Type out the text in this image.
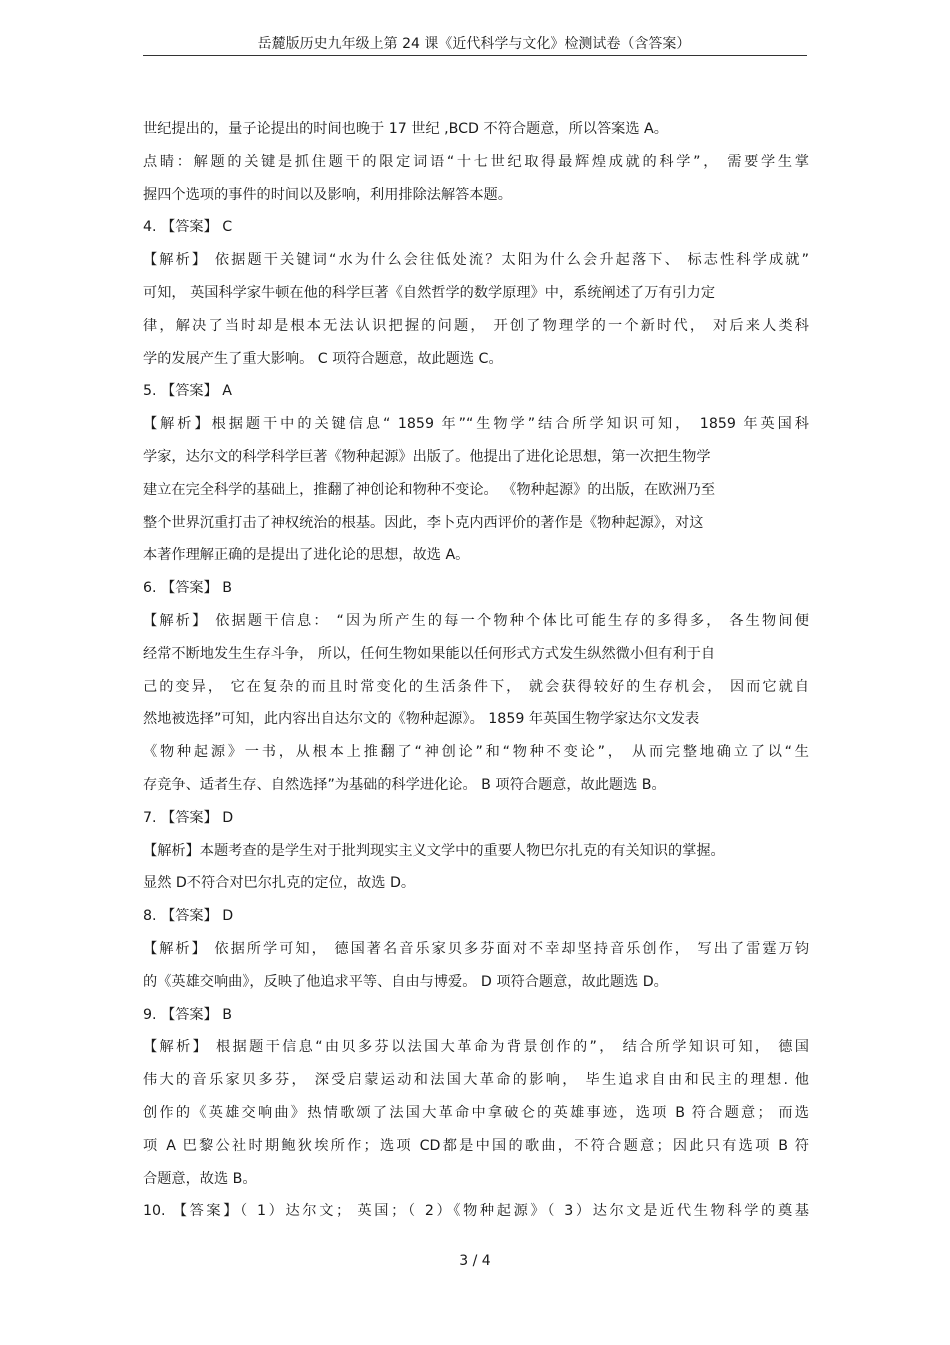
岳麓版历史九年级上第 24 课《近代科学与文化》检测试卷（含答案）
世纪提出的，量子论提出的时间也晚于 17 世纪 ,BCD 不符合题意，所以答案选 A。
点睛：解题的关键是抓住题干的限定词语“十七世纪取得最辉煌成就的科学”， 需要学生掌
握四个选项的事件的时间以及影响，利用排除法解答本题。
4. 【答案】 C
【解析】 依据题干关键词“水为什么会往低处流？太阳为什么会升起落下、 标志性科学成就”
可知， 英国科学家牛顿在他的科学巨著《自然哲学的数学原理》中，系统阐述了万有引力定
律，解决了当时却是根本无法认识把握的问题， 开创了物理学的一个新时代， 对后来人类科
学的发展产生了重大影响。 C 项符合题意，故此题选 C。
5. 【答案】 A
【解析】根据题干中的关键信息“ 1859 年”“生物学”结合所学知识可知， 1859 年英国科
学家，达尔文的科学科学巨著《物种起源》出版了。他提出了进化论思想，第一次把生物学
建立在完全科学的基础上，推翻了神创论和物种不变论。 《物种起源》的出版，在欧洲乃至
整个世界沉重打击了神权统治的根基。因此，李卜克内西评价的著作是《物种起源》，对这
本著作理解正确的是提出了进化论的思想，故选 A。
6. 【答案】 B
【解析】 依据题干信息： “因为所产生的每一个物种个体比可能生存的多得多， 各生物间便
经常不断地发生生存斗争， 所以，任何生物如果能以任何形式方式发生纵然微小但有利于自
己的变异， 它在复杂的而且时常变化的生活条件下， 就会获得较好的生存机会， 因而它就自
然地被选择”可知，此内容出自达尔文的《物种起源》。 1859 年英国生物学家达尔文发表
《物种起源》一书，从根本上推翻了“神创论”和“物种不变论”， 从而完整地确立了以“生
存竞争、适者生存、自然选择”为基础的科学进化论。 B 项符合题意，故此题选 B。
7. 【答案】 D
【解析】本题考查的是学生对于批判现实主义文学中的重要人物巴尔扎克的有关知识的掌握。
显然 D不符合对巴尔扎克的定位，故选 D。
8. 【答案】 D
【解析】 依据所学可知， 德国著名音乐家贝多芬面对不幸却坚持音乐创作， 写出了雷霆万钧
的《英雄交响曲》，反映了他追求平等、自由与博爱。 D 项符合题意，故此题选 D。
9. 【答案】 B
【解析】 根据题干信息“由贝多芬以法国大革命为背景创作的”， 结合所学知识可知， 德国
伟大的音乐家贝多芬， 深受启蒙运动和法国大革命的影响， 毕生追求自由和民主的理想. 他
创作的《英雄交响曲》热情歌颂了法国大革命中拿破仑的英雄事迹，选项 B 符合题意； 而选
项 A 巴黎公社时期鲍狄埃所作；选项 CD都是中国的歌曲，不符合题意；因此只有选项 B 符
合题意，故选 B。
10. 【答案】（ 1）达尔文； 英国；（ 2）《物种起源》（ 3）达尔文是近代生物科学的奠基
3 / 4
